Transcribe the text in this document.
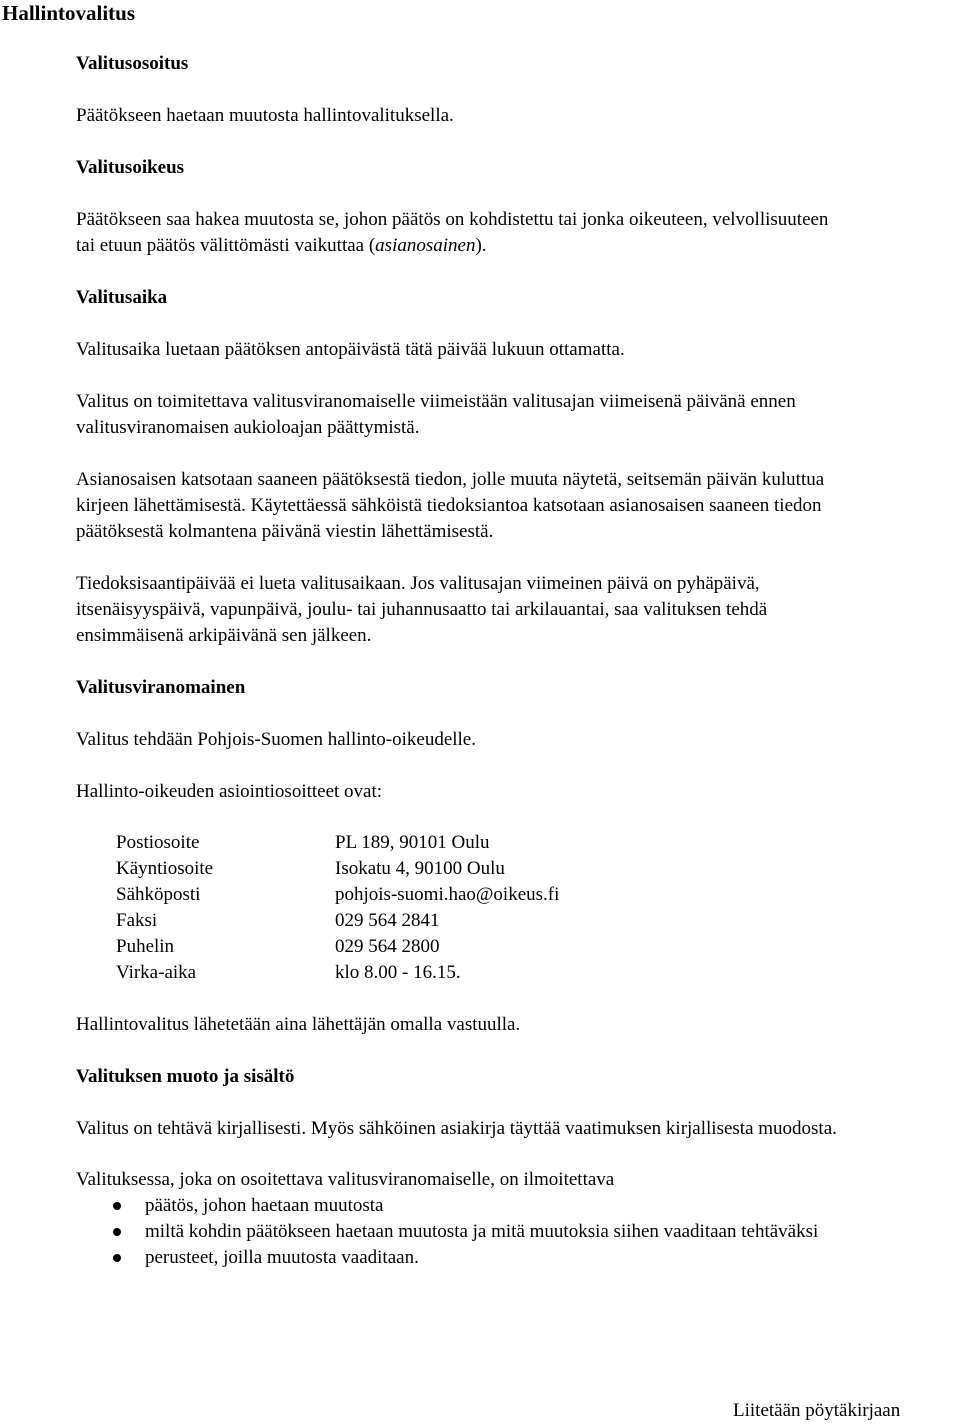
Hallintovalitus
Valitusosoitus
Päätökseen haetaan muutosta hallintovalituksella.
Valitusoikeus
Päätökseen saa hakea muutosta se, johon päätös on kohdistettu tai jonka oikeuteen, velvollisuuteen
tai etuun päätös välittömästi vaikuttaa (asianosainen).
Valitusaika
Valitusaika luetaan päätöksen antopäivästä tätä päivää lukuun ottamatta.
Valitus on toimitettava valitusviranomaiselle viimeistään valitusajan viimeisenä päivänä ennen
valitusviranomaisen aukioloajan päättymistä.
Asianosaisen katsotaan saaneen päätöksestä tiedon, jolle muuta näytetä, seitsemän päivän kuluttua
kirjeen lähettämisestä. Käytettäessä sähköistä tiedoksiantoa katsotaan asianosaisen saaneen tiedon
päätöksestä kolmantena päivänä viestin lähettämisestä.
Tiedoksisaantipäivää ei lueta valitusaikaan. Jos valitusajan viimeinen päivä on pyhäpäivä,
itsenäisyyspäivä, vapunpäivä, joulu- tai juhannusaatto tai arkilauantai, saa valituksen tehdä
ensimmäisenä arkipäivänä sen jälkeen.
Valitusviranomainen
Valitus tehdään Pohjois-Suomen hallinto-oikeudelle.
Hallinto-oikeuden asiointiosoitteet ovat:
Postiosoite	PL 189, 90101 Oulu
Käyntiosoite	Isokatu 4, 90100 Oulu
Sähköposti	pohjois-suomi.hao@oikeus.fi
Faksi	029 564 2841
Puhelin	029 564 2800
Virka-aika	klo 8.00 - 16.15.
Hallintovalitus lähetetään aina lähettäjän omalla vastuulla.
Valituksen muoto ja sisältö
Valitus on tehtävä kirjallisesti. Myös sähköinen asiakirja täyttää vaatimuksen kirjallisesta muodosta.
Valituksessa, joka on osoitettava valitusviranomaiselle, on ilmoitettava
päätös, johon haetaan muutosta
miltä kohdin päätökseen haetaan muutosta ja mitä muutoksia siihen vaaditaan tehtäväksi
perusteet, joilla muutosta vaaditaan.
Liitetään pöytäkirjaan
